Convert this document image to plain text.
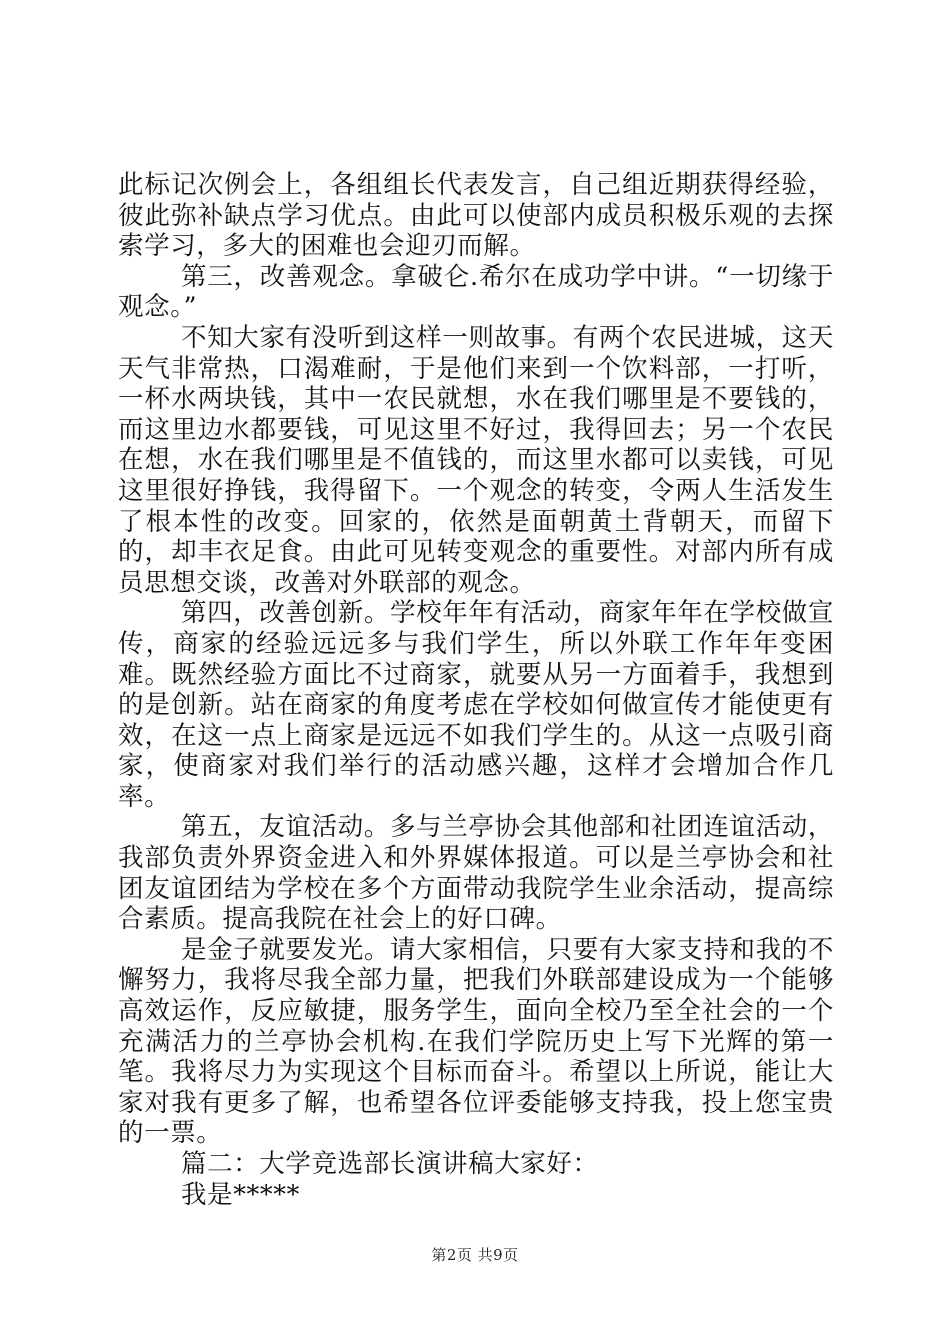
此标记次例会上，各组组长代表发言，自己组近期获得经验，彼此弥补缺点学习优点。由此可以使部内成员积极乐观的去探索学习，多大的困难也会迎刃而解。

第三，改善观念。拿破仑.希尔在成功学中讲。“一切缘于观念。”

不知大家有没听到这样一则故事。有两个农民进城，这天天气非常热，口渴难耐，于是他们来到一个饮料部，一打听，一杯水两块钱，其中一农民就想，水在我们哪里是不要钱的，而这里边水都要钱，可见这里不好过，我得回去；另一个农民在想，水在我们哪里是不值钱的，而这里水都可以卖钱，可见这里很好挣钱，我得留下。一个观念的转变，令两人生活发生了根本性的改变。回家的，依然是面朝黄土背朝天，而留下的，却丰衣足食。由此可见转变观念的重要性。对部内所有成员思想交谈，改善对外联部的观念。

第四，改善创新。学校年年有活动，商家年年在学校做宣传，商家的经验远远多与我们学生，所以外联工作年年变困难。既然经验方面比不过商家，就要从另一方面着手，我想到的是创新。站在商家的角度考虑在学校如何做宣传才能使更有效，在这一点上商家是远远不如我们学生的。从这一点吸引商家，使商家对我们举行的活动感兴趣，这样才会增加合作几率。

第五，友谊活动。多与兰亭协会其他部和社团连谊活动，我部负责外界资金进入和外界媒体报道。可以是兰亭协会和社团友谊团结为学校在多个方面带动我院学生业余活动，提高综合素质。提高我院在社会上的好口碑。

是金子就要发光。请大家相信，只要有大家支持和我的不懈努力，我将尽我全部力量，把我们外联部建设成为一个能够高效运作，反应敏捷，服务学生，面向全校乃至全社会的一个充满活力的兰亭协会机构.在我们学院历史上写下光辉的第一笔。我将尽力为实现这个目标而奋斗。希望以上所说，能让大家对我有更多了解，也希望各位评委能够支持我，投上您宝贵的一票。

篇二：大学竞选部长演讲稿大家好：

我是*****

第2页 共9页
